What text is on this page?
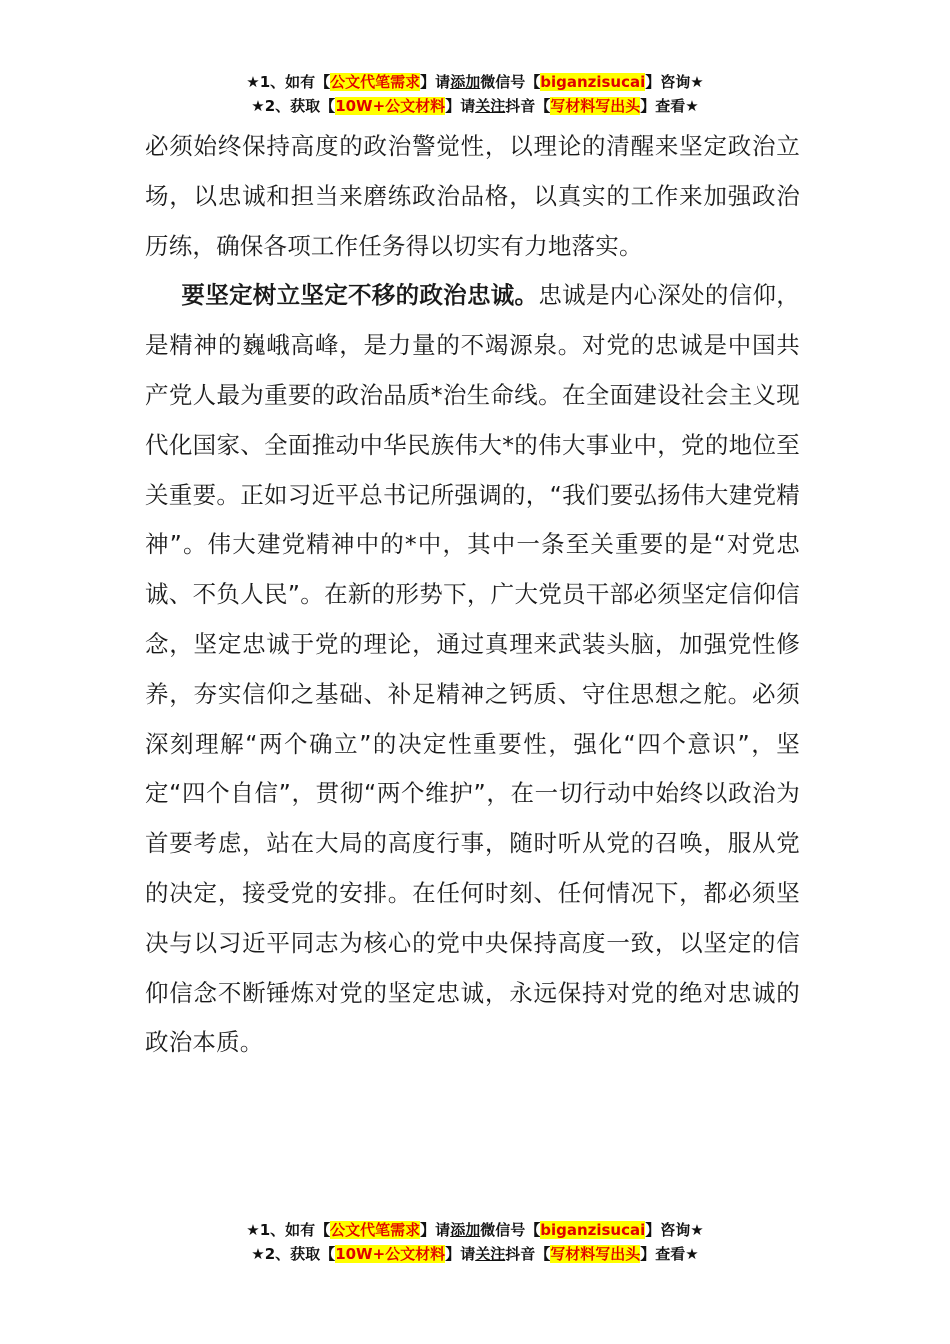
★1、如有【公文代笔需求】请添加微信号【biganzisucai】咨询★
★2、获取【10W+公文材料】请关注抖音【写材料写出头】查看★

必须始终保持高度的政治警觉性，以理论的清醒来坚定政治立场，以忠诚和担当来磨练政治品格，以真实的工作来加强政治历练，确保各项工作任务得以切实有力地落实。

要坚定树立坚定不移的政治忠诚。忠诚是内心深处的信仰，是精神的巍峨高峰，是力量的不竭源泉。对党的忠诚是中国共产党人最为重要的政治品质*治生命线。在全面建设社会主义现代化国家、全面推动中华民族伟大*的伟大事业中，党的地位至关重要。正如习近平总书记所强调的，“我们要弘扬伟大建党精神”。伟大建党精神中的*中，其中一条至关重要的是“对党忠诚、不负人民”。在新的形势下，广大党员干部必须坚定信仰信念，坚定忠诚于党的理论，通过真理来武装头脑，加强党性修养，夯实信仰之基础、补足精神之钙质、守住思想之舵。必须深刻理解“两个确立”的决定性重要性，强化“四个意识”，坚定“四个自信”，贯彻“两个维护”，在一切行动中始终以政治为首要考虑，站在大局的高度行事，随时听从党的召唤，服从党的决定，接受党的安排。在任何时刻、任何情况下，都必须坚决与以习近平同志为核心的党中央保持高度一致，以坚定的信仰信念不断锤炼对党的坚定忠诚，永远保持对党的绝对忠诚的政治本质。

★1、如有【公文代笔需求】请添加微信号【biganzisucai】咨询★
★2、获取【10W+公文材料】请关注抖音【写材料写出头】查看★
